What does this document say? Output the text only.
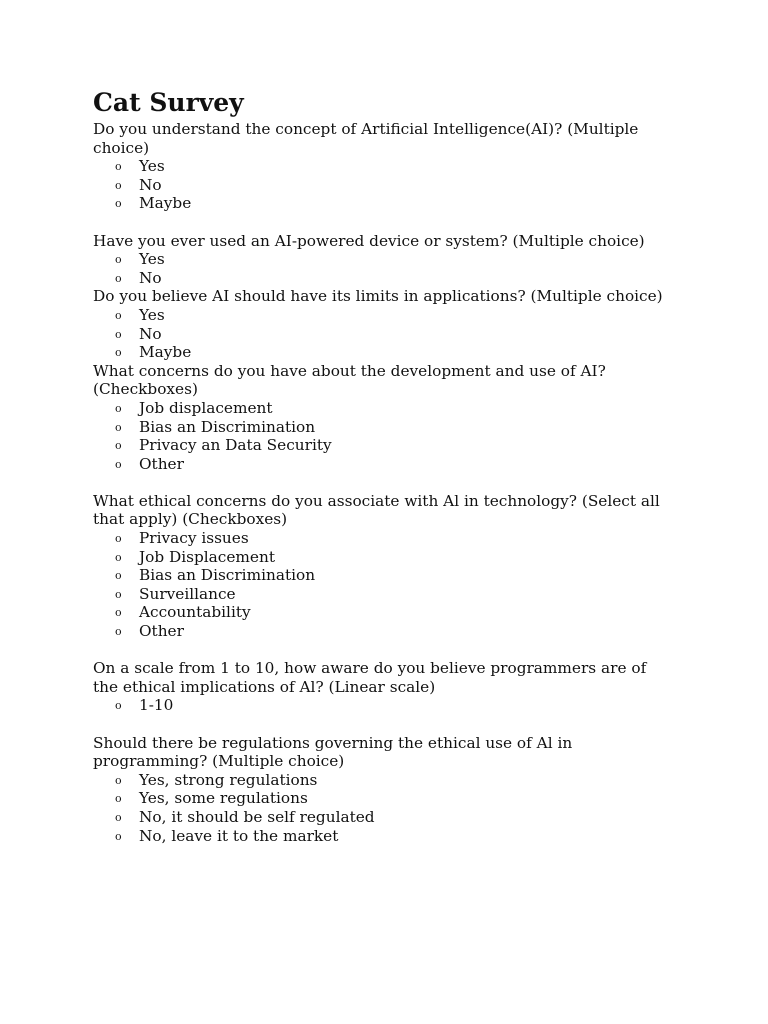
Cat Survey

Do you understand the concept of Artificial Intelligence(AI)? (Multiple choice)

o Yes
o No
o Maybe

Have you ever used an AI-powered device or system? (Multiple choice)

o Yes
o No

Do you believe AI should have its limits in applications? (Multiple choice)

o Yes
o No
o Maybe

What concerns do you have about the development and use of AI? (Checkboxes)

o Job displacement
o Bias an Discrimination
o Privacy an Data Security
o Other

What ethical concerns do you associate with Al in technology? (Select all that apply) (Checkboxes)

o Privacy issues
o Job Displacement
o Bias an Discrimination
o Surveillance
o Accountability
o Other

On a scale from 1 to 10, how aware do you believe programmers are of the ethical implications of Al? (Linear scale)

o 1-10

Should there be regulations governing the ethical use of Al in programming? (Multiple choice)

o Yes, strong regulations
o Yes, some regulations
o No, it should be self regulated
o No, leave it to the market
